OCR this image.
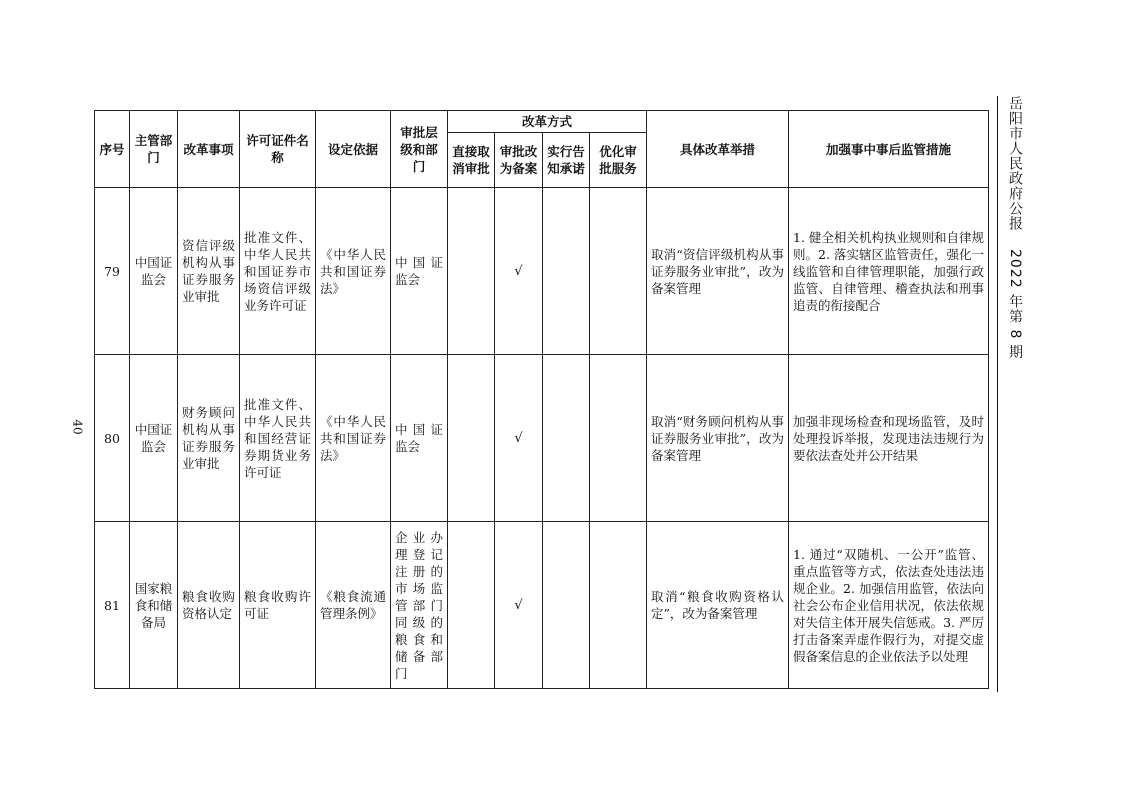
序号	主管部门	改革事项	许可证件名称	设定依据	审批层级和部门	改革方式				具体改革举措	加强事中事后监管措施
						直接取消审批	审批改为备案	实行告知承诺	优化审批服务		
79	中国证监会	资信评级机构从事证券服务业审批	批准文件、中华人民共和国证券市场资信评级业务许可证	《中华人民共和国证券法》	中国证监会		√			取消“资信评级机构从事证券服务业审批”，改为备案管理	1. 健全相关机构执业规则和自律规则。2. 落实辖区监管责任，强化一线监管和自律管理职能，加强行政监管、自律管理、稽查执法和刑事追责的衔接配合
80	中国证监会	财务顾问机构从事证券服务业审批	批准文件、中华人民共和国经营证券期货业务许可证	《中华人民共和国证券法》	中国证监会		√			取消“财务顾问机构从事证券服务业审批”，改为备案管理	加强非现场检查和现场监管，及时处理投诉举报，发现违法违规行为要依法查处并公开结果
81	国家粮食和储备局	粮食收购资格认定	粮食收购许可证	《粮食流通管理条例》	企业办理登记注册的市场监管部门同级的粮食和储备部门		√			取消“粮食收购资格认定”，改为备案管理	1. 通过“双随机、一公开”监管、重点监管等方式，依法查处违法违规企业。2. 加强信用监管，依法向社会公布企业信用状况，依法依规对失信主体开展失信惩戒。3. 严厉打击备案弄虚作假行为，对提交虚假备案信息的企业依法予以处理
岳阳市人民政府公报2022 年第 8 期
40
